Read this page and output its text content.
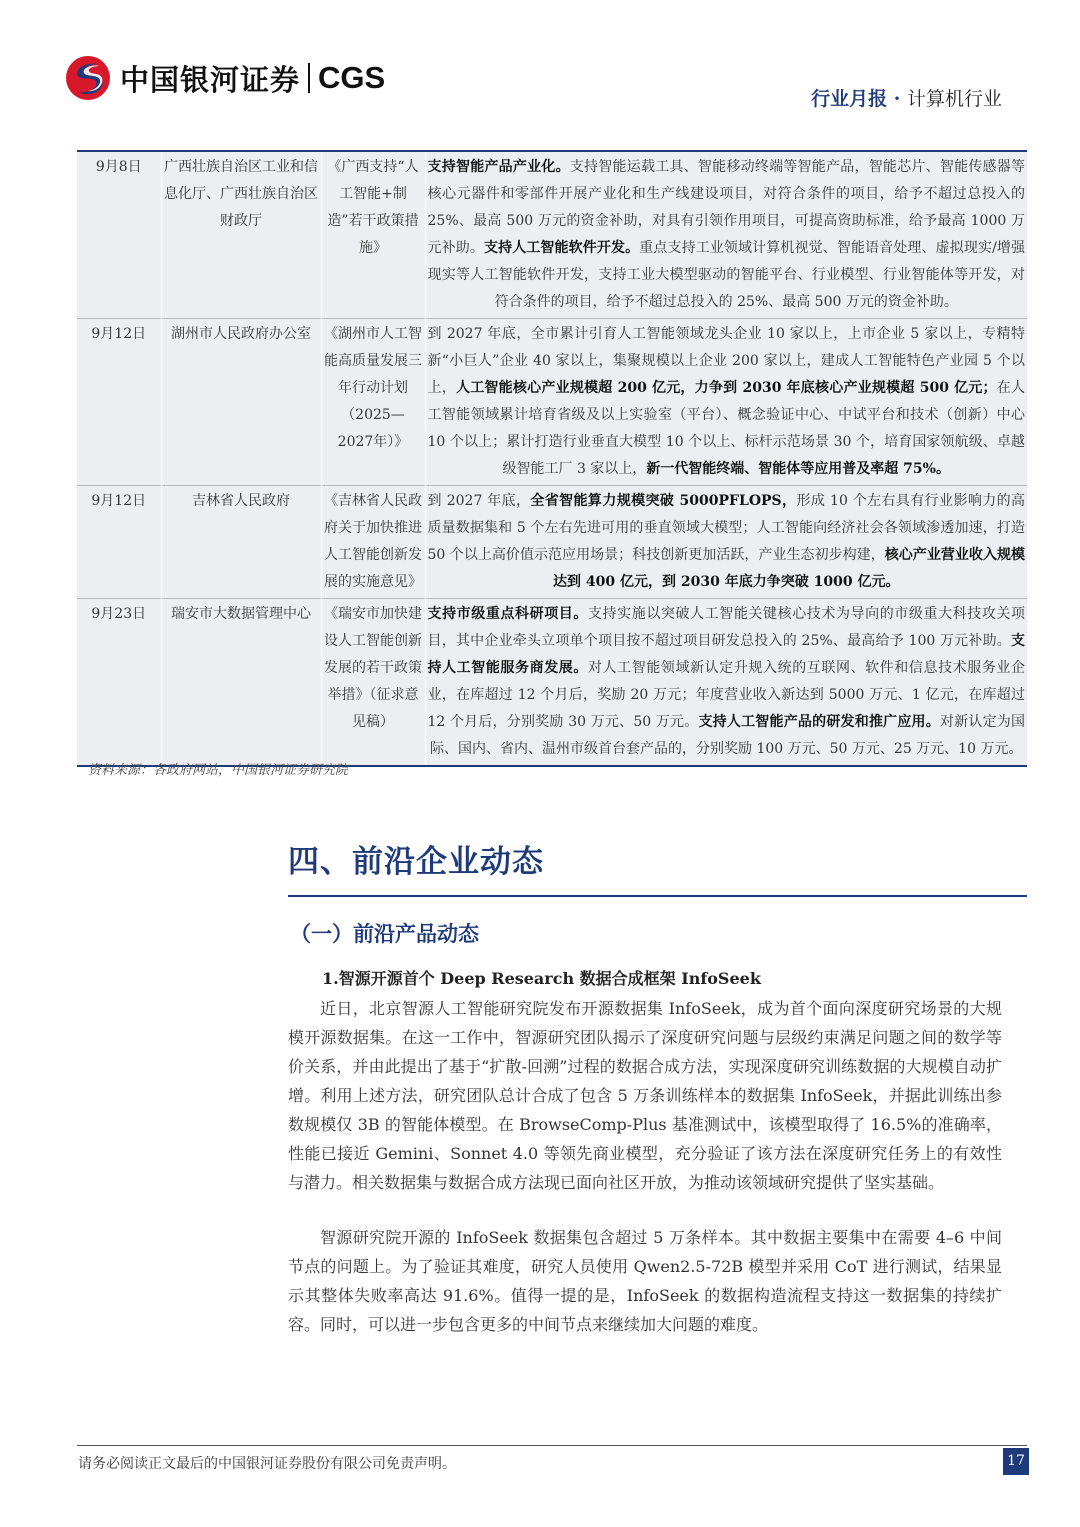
中国银河证券 CGS
行业月报 · 计算机行业
9月8日	广西壮族自治区工业和信息化厅、广西壮族自治区财政厅	《广西支持“人工智能+制造”若干政策措施》	支持智能产品产业化。支持智能运载工具、智能移动终端等智能产品，智能芯片、智能传感器等核心元器件和零部件开展产业化和生产线建设项目，对符合条件的项目，给予不超过总投入的 25%、最高 500 万元的资金补助，对具有引领作用项目，可提高资助标准，给予最高 1000 万元补助。支持人工智能软件开发。重点支持工业领域计算机视觉、智能语音处理、虚拟现实/增强现实等人工智能软件开发，支持工业大模型驱动的智能平台、行业模型、行业智能体等开发，对符合条件的项目，给予不超过总投入的 25%、最高 500 万元的资金补助。
9月12日	湖州市人民政府办公室	《湖州市人工智能高质量发展三年行动计划（2025—2027年）》	到 2027 年底，全市累计引育人工智能领域龙头企业 10 家以上，上市企业 5 家以上，专精特新“小巨人”企业 40 家以上，集聚规模以上企业 200 家以上，建成人工智能特色产业园 5 个以上，人工智能核心产业规模超 200 亿元，力争到 2030 年底核心产业规模超 500 亿元；在人工智能领域累计培育省级及以上实验室（平台）、概念验证中心、中试平台和技术（创新）中心 10 个以上；累计打造行业垂直大模型 10 个以上、标杆示范场景 30 个，培育国家领航级、卓越级智能工厂 3 家以上，新一代智能终端、智能体等应用普及率超 75%。
9月12日	吉林省人民政府	《吉林省人民政府关于加快推进人工智能创新发展的实施意见》	到 2027 年底，全省智能算力规模突破 5000PFLOPS，形成 10 个左右具有行业影响力的高质量数据集和 5 个左右先进可用的垂直领域大模型；人工智能向经济社会各领域渗透加速，打造 50 个以上高价值示范应用场景；科技创新更加活跃，产业生态初步构建，核心产业营业收入规模达到 400 亿元，到 2030 年底力争突破 1000 亿元。
9月23日	瑞安市大数据管理中心	《瑞安市加快建设人工智能创新发展的若干政策举措》（征求意见稿）	支持市级重点科研项目。支持实施以突破人工智能关键核心技术为导向的市级重大科技攻关项目，其中企业牵头立项单个项目按不超过项目研发总投入的 25%、最高给予 100 万元补助。支持人工智能服务商发展。对人工智能领域新认定升规入统的互联网、软件和信息技术服务业企业，在库超过 12 个月后，奖励 20 万元；年度营业收入新达到 5000 万元、1 亿元，在库超过 12 个月后，分别奖励 30 万元、50 万元。支持人工智能产品的研发和推广应用。对新认定为国际、国内、省内、温州市级首台套产品的，分别奖励 100 万元、50 万元、25 万元、10 万元。
资料来源：各政府网站，中国银河证券研究院
四、前沿企业动态
（一）前沿产品动态
1.智源开源首个 Deep Research 数据合成框架 InfoSeek
近日，北京智源人工智能研究院发布开源数据集 InfoSeek，成为首个面向深度研究场景的大规模开源数据集。在这一工作中，智源研究团队揭示了深度研究问题与层级约束满足问题之间的数学等价关系，并由此提出了基于“扩散-回溯”过程的数据合成方法，实现深度研究训练数据的大规模自动扩增。利用上述方法，研究团队总计合成了包含 5 万条训练样本的数据集 InfoSeek，并据此训练出参数规模仅 3B 的智能体模型。在 BrowseComp-Plus 基准测试中，该模型取得了 16.5%的准确率，性能已接近 Gemini、Sonnet 4.0 等领先商业模型，充分验证了该方法在深度研究任务上的有效性与潜力。相关数据集与数据合成方法现已面向社区开放，为推动该领域研究提供了坚实基础。
智源研究院开源的 InfoSeek 数据集包含超过 5 万条样本。其中数据主要集中在需要 4–6 中间节点的问题上。为了验证其难度，研究人员使用 Qwen2.5-72B 模型并采用 CoT 进行测试，结果显示其整体失败率高达 91.6%。值得一提的是，InfoSeek 的数据构造流程支持这一数据集的持续扩容。同时，可以进一步包含更多的中间节点来继续加大问题的难度。
请务必阅读正文最后的中国银河证券股份有限公司免责声明。	17
